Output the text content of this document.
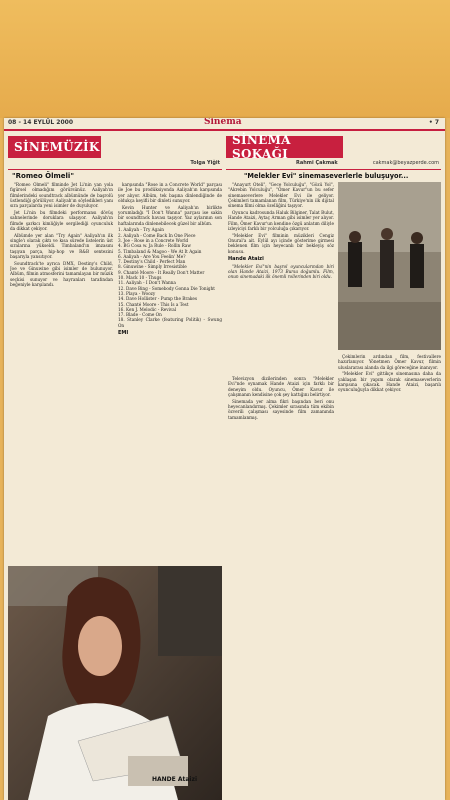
08 - 14 EYLÜL 2000	Sinema	• 7
SİNEMÜZİK
Tolga Yiğit
"Romeo Ölmeli"

"Romeo Ölmeli" filminde Jet Li'nin yan yola figürsel olmadığını görürsünüz. Aaliyah'ın filmlerindeki soundtrack albümünde de başrolü üstlendiği görülüyor. Aaliyah'ın söyledikleri yanı sıra parçalarda yeni isimler de duyuluyor.

Jet Li'nin bu filmdeki performansı dövüş sahnelerinde doruklara ulaşıyor. Aaliyah'ın filmde şarkıcı kimliğiyle sergilediği oyunculuk da dikkat çekiyor.

Albümde yer alan "Try Again" Aaliyah'ın ilk single'ı olarak çıktı ve kısa sürede listelerin üst sıralarına yükseldi. Timbaland'ın imzasını taşıyan parça, hip-hop ve R&B sentezini başarıyla yansıtıyor.

Soundtrack'te ayrıca DMX, Destiny's Child, Joe ve Ginuwine gibi isimler de bulunuyor. Albüm, filmin atmosferini tamamlayan bir müzik seçkisi sunuyor ve hayranları tarafından beğeniyle karşılandı.

karşısında "Rose in a Concrete World" parçası ile Joe bu prodüksiyonda Aaliyah'ın karşısında yer alıyor. Albüm, tek başına dinlendiğinde de oldukça keyifli bir dinleti sunuyor.

Kevin Hunter ve Aaliyah'ın birlikte yorumladığı "I Don't Wanna" parçası ise sakin bir soundtrack havası taşıyor. Yaz aylarının son haftalarında dinlenebilecek güzel bir albüm.

1. Aaliyah - Try Again
2. Aaliyah - Come Back In One Piece
3. Joe - Rose in a Concrete World
4. BG Cosa w. Ja Rule - Rollin Raw
5. Timbaland & Magoo - We At It Again
6. Aaliyah - Are You Feelin' Me?
7. Destiny's Child - Perfect Man
8. Ginuwine - Simply Irresistible
9. Chanté Moore - It Really Don't Matter
10. Mack 10 - Thugs
11. Aaliyah - I Don't Wanna
12. Dave Bing - Somebody Gonna Die Tonight
13. Playa - Woozy
14. Dave Hollister - Pump the Brakes
15. Chanté Moore - This Is a Test
16. Ken J. Melodic - Revival
17. Blade - Come On
18. Stanley Clarke (featuring Politik) - Swung On
EMI
HANDE Ataizi
SİNEMA SOKAĞI
Rahmi Çakmak	cakmak@beyazperde.com
"Melekler Evi" sinemaseverlerle buluşuyor...

"Anayurt Oteli", "Gece Yolculuğu", "Gözü Yol", "Akrebin Yolculuğu", "Ömer Kavur"un bu sefer sinemaseverlere Melekler Evi ile geliyor. Çekimleri tamamlanan film, Türkiye'nin ilk dijital sinema filmi olma özelliğini taşıyor.

Oyuncu kadrosunda Haluk Bilginer, Talat Bulut, Hande Ataizi, Aytaç Arman gibi isimler yer alıyor. Film, Ömer Kavur'un kendine özgü anlatım diliyle izleyiciyi farklı bir yolculuğa çıkarıyor.

"Melekler Evi" filminin müzikleri Cengiz Onural'a ait. Eylül ayı içinde gösterime girmesi beklenen film için heyecanlı bir bekleyiş söz konusu.

Hande Ataizi

"Melekler Evi"nin başrol oyuncularından biri olan Hande Ataizi, 1973 Bursa doğumlu. Film, onun sinemadaki ilk önemli rollerinden biri oldu.

Televizyon dizilerinden sonra "Melekler Evi"nde oynamak Hande Ataizi için farklı bir deneyim oldu. Oyuncu, Ömer Kavur ile çalışmanın kendisine çok şey kattığını belirtiyor.

Sinemada yer alma fikri başından beri onu heyecanlandırmış. Çekimler sırasında tüm ekibin özverili çalışması sayesinde film zamanında tamamlanmış.

Çekimlerin ardından film, festivallere hazırlanıyor. Yönetmen Ömer Kavur, filmin uluslararası alanda da ilgi göreceğine inanıyor.

"Melekler Evi" gittikçe sinemasına daha da yaklaşan bir yapım olarak sinemaseverlerin karşısına çıkacak. Hande Ataizi, başarılı oyunculuğuyla dikkat çekiyor.
